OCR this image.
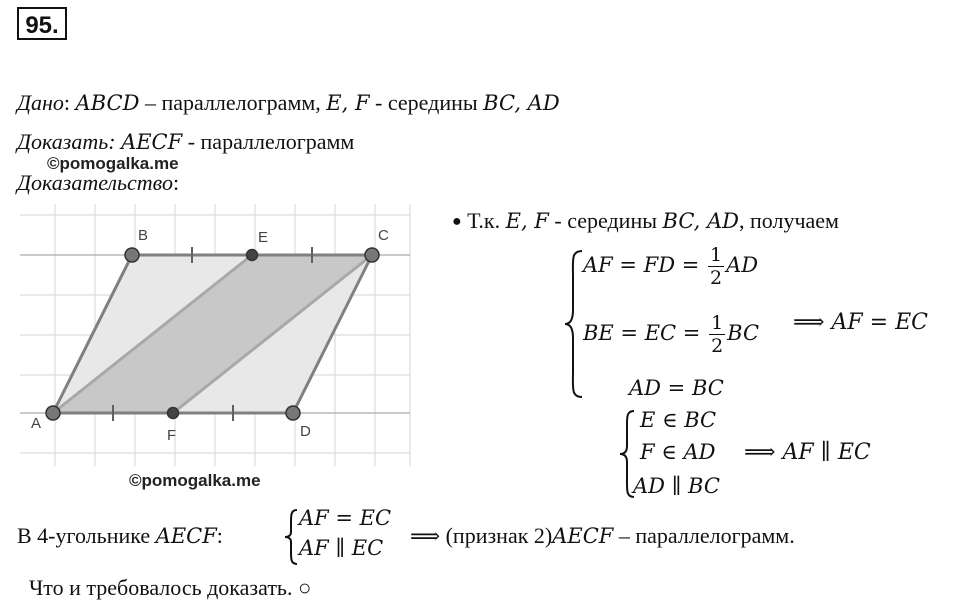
95.
Дано: ABCD – параллелограмм, E, F - середины BC, AD
Доказать: AECF - параллелограмм
©pomogalka.me
Доказательство:
B	E	C
A
F	D
©pomogalka.me
● Т.к. E, F - середины BC, AD, получаем
AF = FD = $\frac{1}{2}$ AD
BE = EC = $\frac{1}{2}$ BC
AD = BC
⟹ AF = EC
E ∈ BC
F ∈ AD
AD ∥ BC
⟹ AF ∥ EC
В 4-угольнике AECF:
AF = EC
AF ∥ EC ⟹ (признак 2)AECF – параллелограмм.
Что и требовалось доказать. ○
